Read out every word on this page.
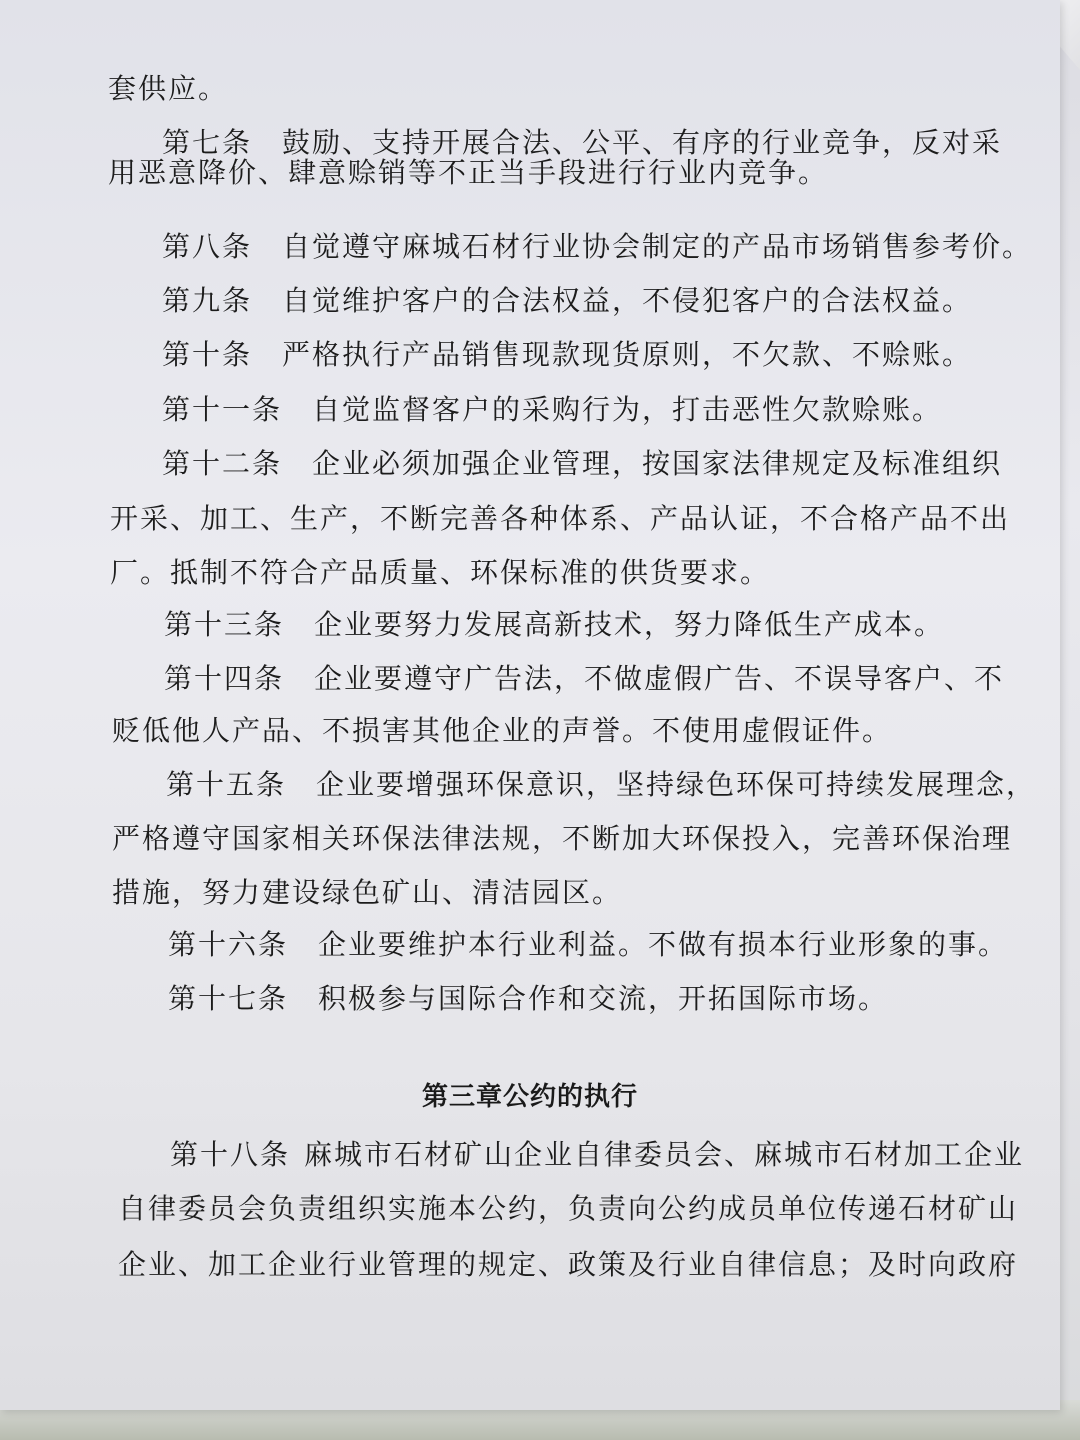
套供应。
第七条 鼓励、支持开展合法、公平、有序的行业竞争，反对采
用恶意降价、肆意赊销等不正当手段进行行业内竞争。
第八条 自觉遵守麻城石材行业协会制定的产品市场销售参考价。
第九条 自觉维护客户的合法权益，不侵犯客户的合法权益。
第十条 严格执行产品销售现款现货原则，不欠款、不赊账。
第十一条 自觉监督客户的采购行为，打击恶性欠款赊账。
第十二条 企业必须加强企业管理，按国家法律规定及标准组织
开采、加工、生产，不断完善各种体系、产品认证，不合格产品不出
厂。抵制不符合产品质量、环保标准的供货要求。
第十三条 企业要努力发展高新技术，努力降低生产成本。
第十四条 企业要遵守广告法，不做虚假广告、不误导客户、不
贬低他人产品、不损害其他企业的声誉。不使用虚假证件。
第十五条 企业要增强环保意识，坚持绿色环保可持续发展理念，
严格遵守国家相关环保法律法规，不断加大环保投入，完善环保治理
措施，努力建设绿色矿山、清洁园区。
第十六条 企业要维护本行业利益。不做有损本行业形象的事。
第十七条 积极参与国际合作和交流，开拓国际市场。
第三章公约的执行
第十八条 麻城市石材矿山企业自律委员会、麻城市石材加工企业
自律委员会负责组织实施本公约，负责向公约成员单位传递石材矿山
企业、加工企业行业管理的规定、政策及行业自律信息；及时向政府
